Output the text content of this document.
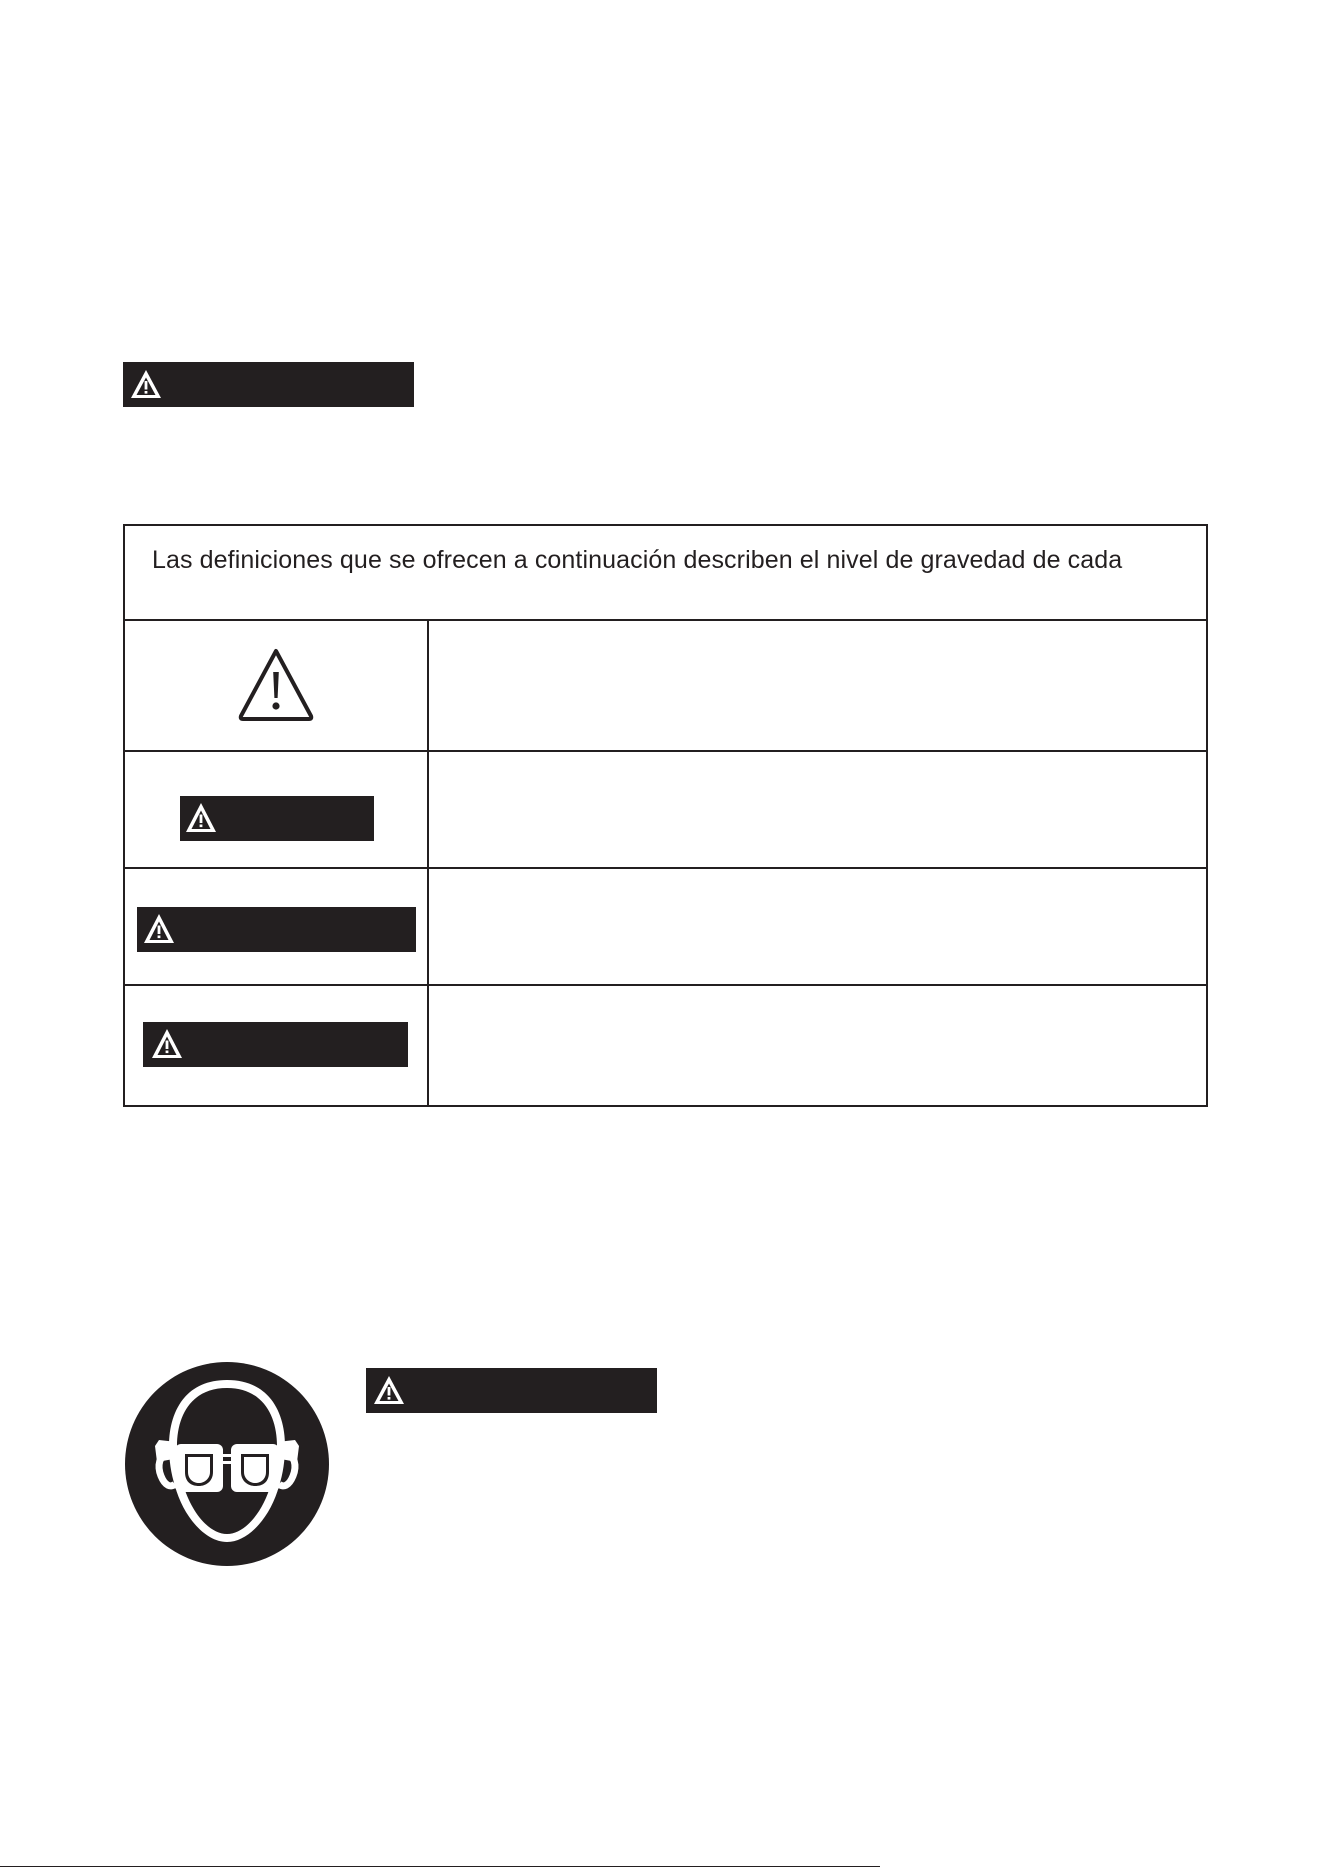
Las definiciones que se ofrecen a continuación describen el nivel de gravedad de cada
